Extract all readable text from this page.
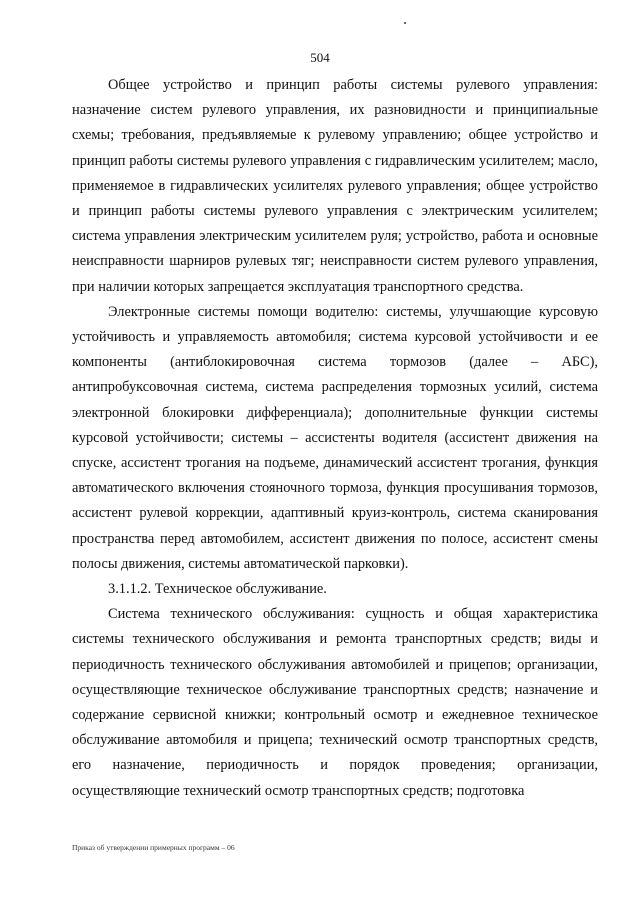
504

Общее устройство и принцип работы системы рулевого управления: назначение систем рулевого управления, их разновидности и принципиальные схемы; требования, предъявляемые к рулевому управлению; общее устройство и принцип работы системы рулевого управления с гидравлическим усилителем; масло, применяемое в гидравлических усилителях рулевого управления; общее устройство и принцип работы системы рулевого управления с электрическим усилителем; система управления электрическим усилителем руля; устройство, работа и основные неисправности шарниров рулевых тяг; неисправности систем рулевого управления, при наличии которых запрещается эксплуатация транспортного средства.

Электронные системы помощи водителю: системы, улучшающие курсовую устойчивость и управляемость автомобиля; система курсовой устойчивости и ее компоненты (антиблокировочная система тормозов (далее – АБС), антипробуксовочная система, система распределения тормозных усилий, система электронной блокировки дифференциала); дополнительные функции системы курсовой устойчивости; системы – ассистенты водителя (ассистент движения на спуске, ассистент трогания на подъеме, динамический ассистент трогания, функция автоматического включения стояночного тормоза, функция просушивания тормозов, ассистент рулевой коррекции, адаптивный круиз-контроль, система сканирования пространства перед автомобилем, ассистент движения по полосе, ассистент смены полосы движения, системы автоматической парковки).

3.1.1.2. Техническое обслуживание.

Система технического обслуживания: сущность и общая характеристика системы технического обслуживания и ремонта транспортных средств; виды и периодичность технического обслуживания автомобилей и прицепов; организации, осуществляющие техническое обслуживание транспортных средств; назначение и содержание сервисной книжки; контрольный осмотр и ежедневное техническое обслуживание автомобиля и прицепа; технический осмотр транспортных средств, его назначение, периодичность и порядок проведения; организации, осуществляющие технический осмотр транспортных средств; подготовка

Приказ об утверждении примерных программ – 06
